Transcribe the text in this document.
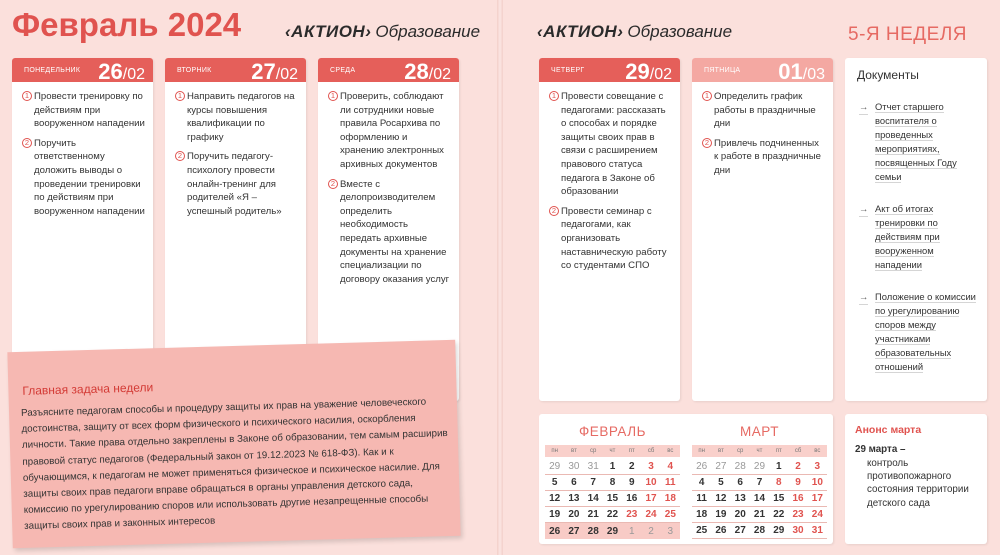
Февраль 2024	‹АКТИОН› Образование	‹АКТИОН› Образование	5-Я НЕДЕЛЯ
ПОНЕДЕЛЬНИК 26/02
1 Провести тренировку по действиям при вооруженном нападении
2 Поручить ответственному доложить выводы о проведении тренировки по действиям при вооруженном нападении
ВТОРНИК 27/02
1 Направить педагогов на курсы повышения квалификации по графику
2 Поручить педагогу-психологу провести онлайн-тренинг для родителей «Я – успешный родитель»
СРЕДА 28/02
1 Проверить, соблюдают ли сотрудники новые правила Росархива по оформлению и хранению электронных архивных документов
2 Вместе с делопроизводителем определить необходимость передать архивные документы на хранение специализации по договору оказания услуг
ЧЕТВЕРГ 29/02
1 Провести совещание с педагогами: рассказать о способах и порядке защиты своих прав в связи с расширением правового статуса педагога в Законе об образовании
2 Провести семинар с педагогами, как организовать наставническую работу со студентами СПО
ПЯТНИЦА 01/03
1 Определить график работы в праздничные дни
2 Привлечь подчиненных к работе в праздничные дни
Документы
→ Отчет старшего воспитателя о проведенных мероприятиях, посвященных Году семьи
→ Акт об итогах тренировки по действиям при вооруженном нападении
→ Положение о комиссии по урегулированию споров между участниками образовательных отношений
Главная задача недели
Разъясните педагогам способы и процедуру защиты их прав на уважение человеческого достоинства, защиту от всех форм физического и психического насилия, оскорбления личности. Такие права отдельно закреплены в Законе об образовании, тем самым расширив правовой статус педагогов (Федеральный закон от 19.12.2023 № 618-ФЗ). Как и к обучающимся, к педагогам не может применяться физическое и психическое насилие. Для защиты своих прав педагоги вправе обращаться в органы управления детского сада, комиссию по урегулированию споров или использовать другие незапрещенные способы защиты своих прав и законных интересов
ФЕВРАЛЬ
пн	вт	ср	чт	пт	сб	вс
29 30 31	1	2	3	4
5	6	7	8	9	10 11
12 13 14 15 16 17 18
19 20 21 22 23 24 25
26 27 28 29	1	2	3
МАРТ
пн	вт	ср	чт	пт	сб	вс
26 27 28 29	1	2	3
4	5	6	7	8	9	10
11 12 13 14 15 16 17
18 19 20 21 22 23 24
25 26 27 28 29 30 31
Анонс марта
29 марта –
контроль противопожарного состояния территории детского сада
